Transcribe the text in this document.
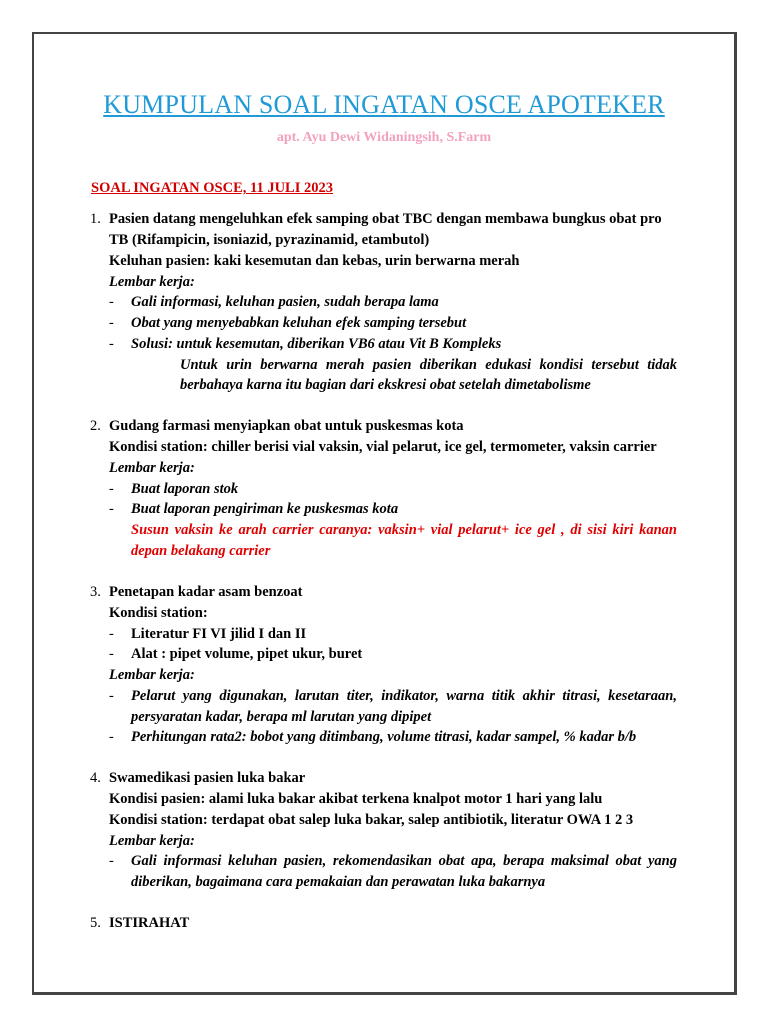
KUMPULAN SOAL INGATAN OSCE APOTEKER
apt. Ayu Dewi Widaningsih, S.Farm
SOAL INGATAN OSCE, 11 JULI 2023
1. Pasien datang mengeluhkan efek samping obat TBC dengan membawa bungkus obat pro
TB (Rifampicin, isoniazid, pyrazinamid, etambutol)
Keluhan pasien: kaki kesemutan dan kebas, urin berwarna merah
Lembar kerja:
- Gali informasi, keluhan pasien, sudah berapa lama
- Obat yang menyebabkan keluhan efek samping tersebut
- Solusi: untuk kesemutan, diberikan VB6 atau Vit B Kompleks
Untuk urin berwarna merah pasien diberikan edukasi kondisi tersebut tidak
berbahaya karna itu bagian dari ekskresi obat setelah dimetabolisme
2. Gudang farmasi menyiapkan obat untuk puskesmas kota
Kondisi station: chiller berisi vial vaksin, vial pelarut, ice gel, termometer, vaksin carrier
Lembar kerja:
- Buat laporan stok
- Buat laporan pengiriman ke puskesmas kota
Susun vaksin ke arah carrier caranya: vaksin+ vial pelarut+ ice gel , di sisi kiri kanan
depan belakang carrier
3. Penetapan kadar asam benzoat
Kondisi station:
- Literatur FI VI jilid I dan II
- Alat : pipet volume, pipet ukur, buret
Lembar kerja:
- Pelarut yang digunakan, larutan titer, indikator, warna titik akhir titrasi, kesetaraan,
persyaratan kadar, berapa ml larutan yang dipipet
- Perhitungan rata2: bobot yang ditimbang, volume titrasi, kadar sampel, % kadar b/b
4. Swamedikasi pasien luka bakar
Kondisi pasien: alami luka bakar akibat terkena knalpot motor 1 hari yang lalu
Kondisi station: terdapat obat salep luka bakar, salep antibiotik, literatur OWA 1 2 3
Lembar kerja:
- Gali informasi keluhan pasien, rekomendasikan obat apa, berapa maksimal obat yang
diberikan, bagaimana cara pemakaian dan perawatan luka bakarnya
5. ISTIRAHAT
